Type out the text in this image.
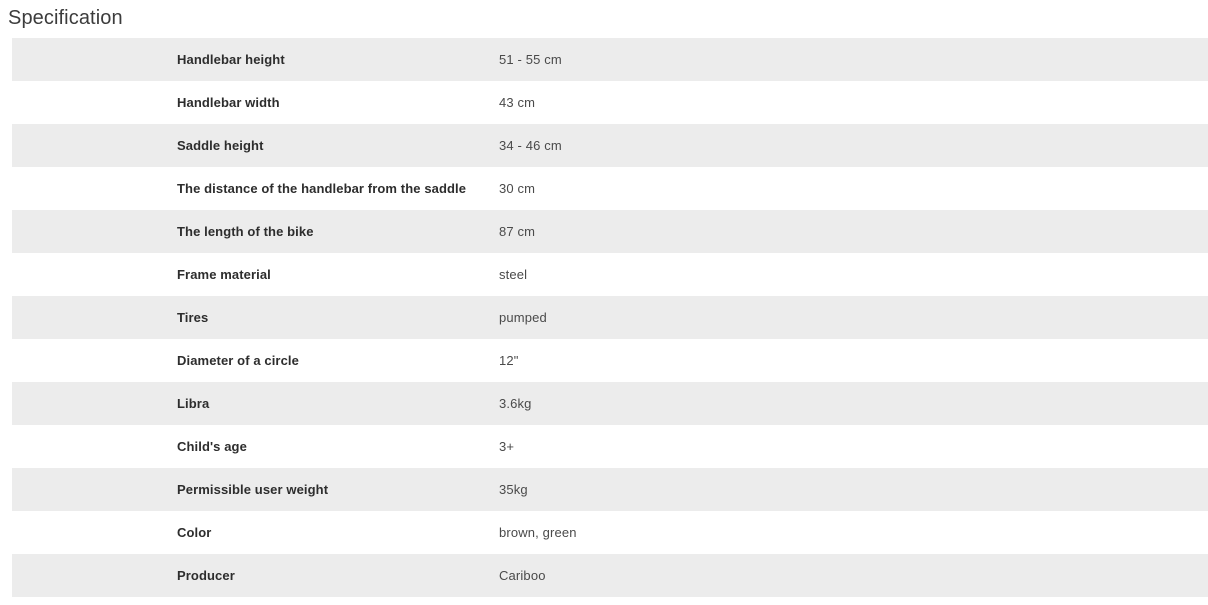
Specification
	Handlebar height	51 - 55 cm
	Handlebar width	43 cm
	Saddle height	34 - 46 cm
	The distance of the handlebar from the saddle	30 cm
	The length of the bike	87 cm
	Frame material	steel
	Tires	pumped
	Diameter of a circle	12"
	Libra	3.6kg
	Child's age	3+
	Permissible user weight	35kg
	Color	brown, green
	Producer	Cariboo
